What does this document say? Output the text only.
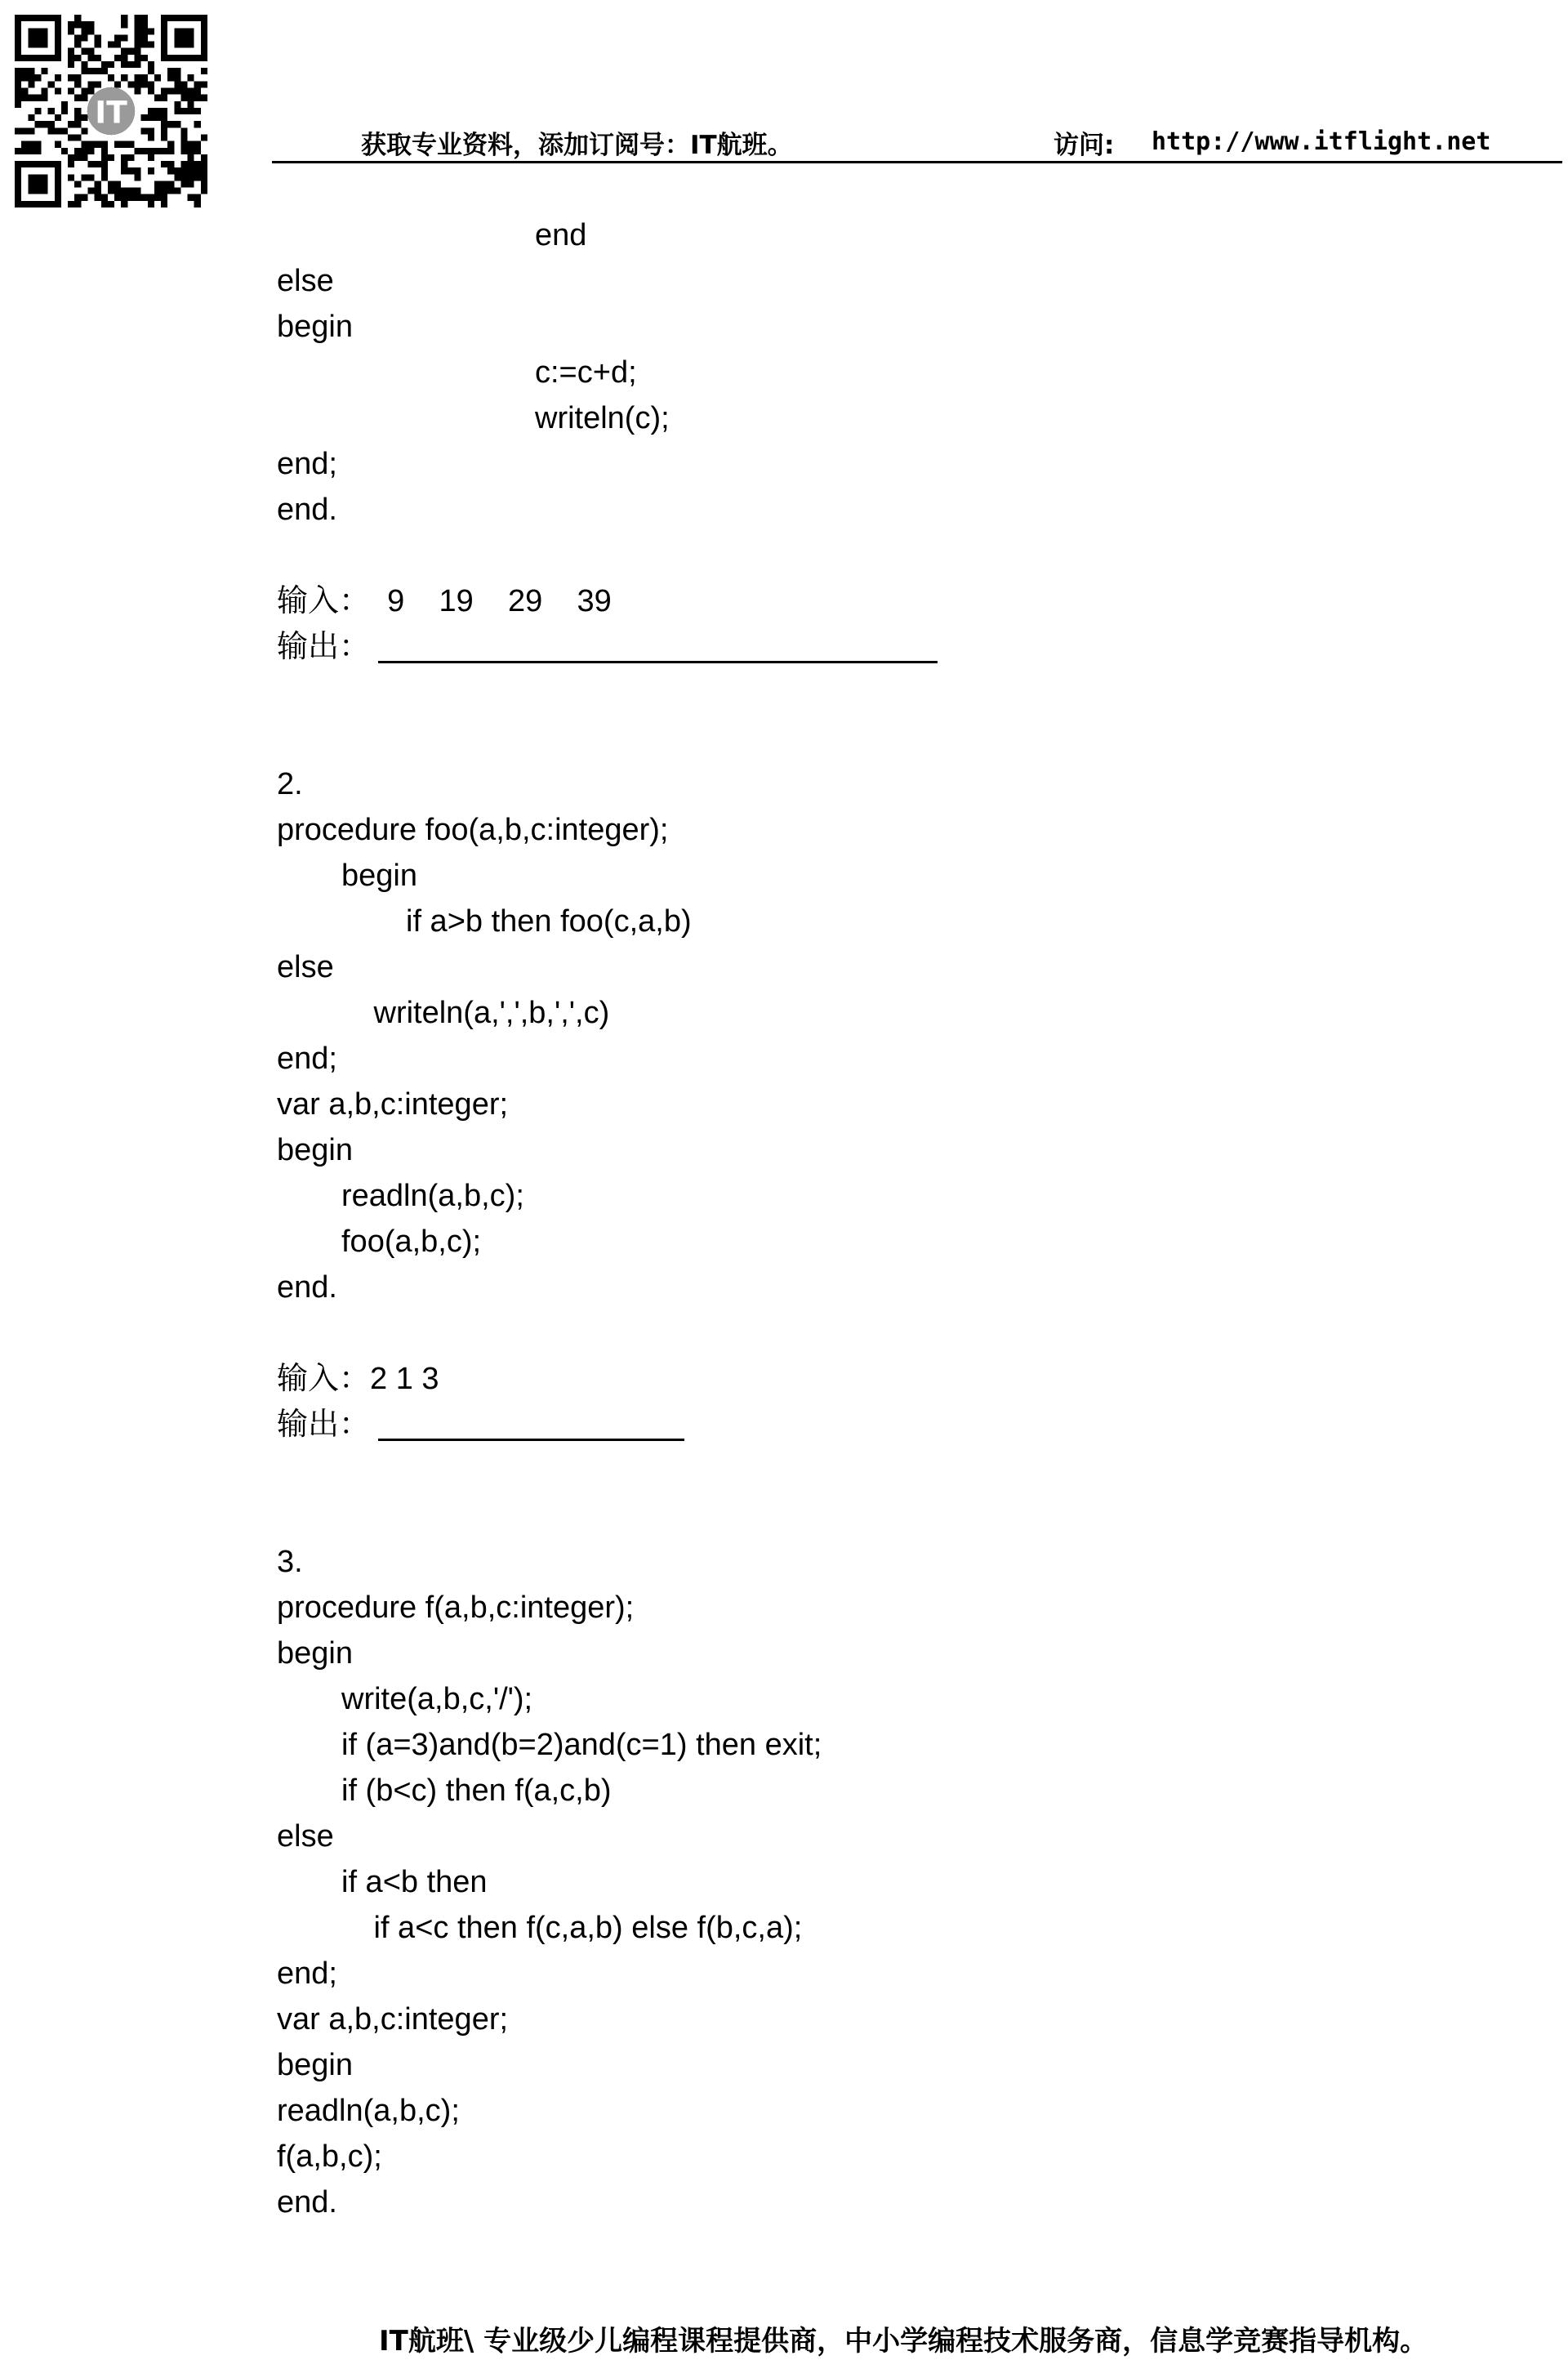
IT
获取专业资料，添加订阅号：IT航班。	访问: http://www.itflight.net
end
else
begin
c:=c+d;
writeln(c);
end;
end.
输入：  9    19    29    39
输出：
2.
procedure foo(a,b,c:integer);
begin
if a>b then foo(c,a,b)
else
writeln(a,',',b,',',c)
end;
var a,b,c:integer;
begin
readln(a,b,c);
foo(a,b,c);
end.
输入：2 1 3
输出：
3.
procedure f(a,b,c:integer);
begin
write(a,b,c,'/');
if (a=3)and(b=2)and(c=1) then exit;
if (b<c) then f(a,c,b)
else
if a<b then
if a<c then f(c,a,b) else f(b,c,a);
end;
var a,b,c:integer;
begin
readln(a,b,c);
f(a,b,c);
end.
IT航班\ 专业级少儿编程课程提供商，中小学编程技术服务商，信息学竞赛指导机构。
